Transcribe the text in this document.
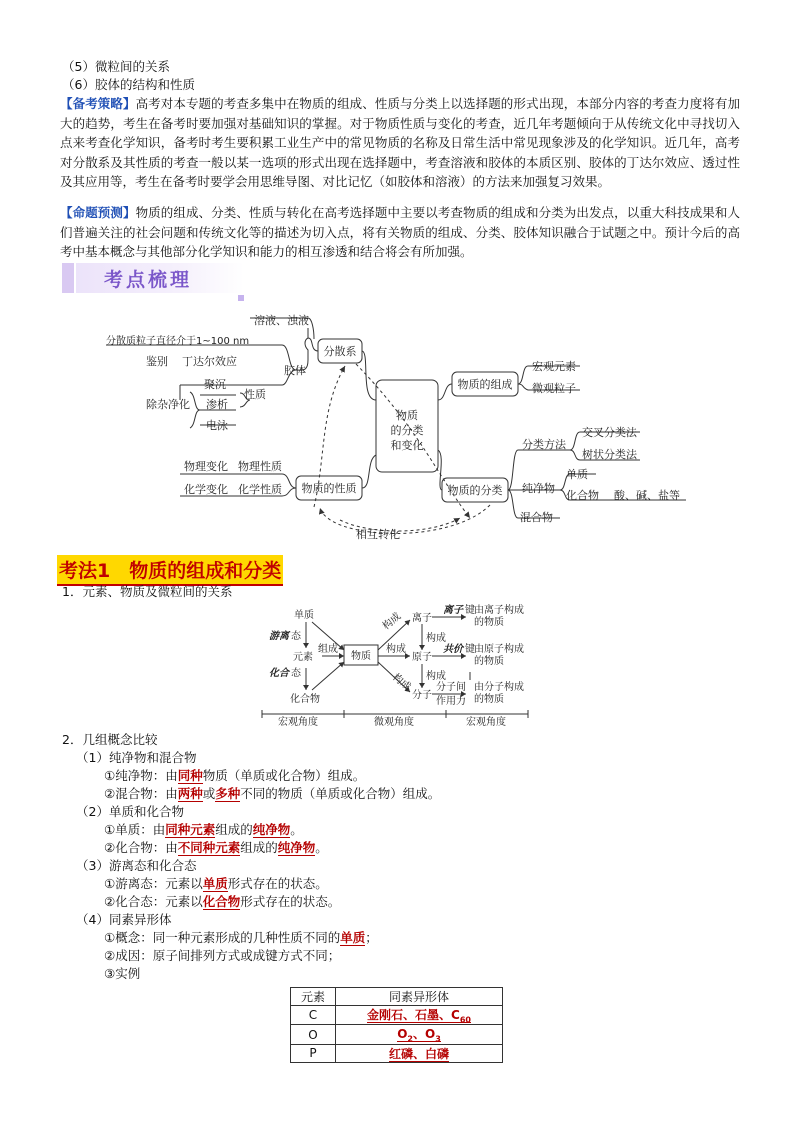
（5）微粒间的关系

（6）胶体的结构和性质

【备考策略】高考对本专题的考查多集中在物质的组成、性质与分类上以选择题的形式出现，本部分内容的考查力度将有加大的趋势，考生在备考时要加强对基础知识的掌握。对于物质性质与变化的考查，近几年考题倾向于从传统文化中寻找切入点来考查化学知识，备考时考生要积累工业生产中的常见物质的名称及日常生活中常见现象涉及的化学知识。近几年，高考对分散系及其性质的考查一般以某一选项的形式出现在选择题中，考查溶液和胶体的本质区别、胶体的丁达尔效应、透过性及其应用等，考生在备考时要学会用思维导图、对比记忆（如胶体和溶液）的方法来加强复习效果。

【命题预测】物质的组成、分类、性质与转化在高考选择题中主要以考查物质的组成和分类为出发点，以重大科技成果和人们普遍关注的社会问题和传统文化等的描述为切入点，将有关物质的组成、分类、胶体知识融合于试题之中。预计今后的高考中基本概念与其他部分化学知识和能力的相互渗透和结合将会有所加强。

考点梳理
物质
的分类
和变化
分散系
溶液、浊液
胶体
分散质粒子直径介于1~100 nm
鉴别 丁达尔效应
性质
聚沉
除杂净化 渗析
电泳
物质的组成
宏观元素
微观粒子
分类方法
交叉分类法
树状分类法
物质的分类 纯净物
单质
化合物 酸、碱、盐等
混合物
物理变化 物理性质
化学变化 化学性质 物质的性质
相互转化
考法1　物质的组成和分类

1．元素、物质及微粒间的关系

单质
游离 态
元素
化合 态
化合物
组成
物质
构成
构成
构成
离子
原子
分子
构成
构成
离子 键
共价 键
由离子构成
的物质
由原子构成
的物质
分子间
作用力
由分子构成
的物质
宏观角度	微观角度	宏观角度

2．几组概念比较

（1）纯净物和混合物

①纯净物：由同种物质（单质或化合物）组成。

②混合物：由两种或多种不同的物质（单质或化合物）组成。

（2）单质和化合物

①单质：由同种元素组成的纯净物。

②化合物：由不同种元素组成的纯净物。

（3）游离态和化合态

①游离态：元素以单质形式存在的状态。

②化合态：元素以化合物形式存在的状态。

（4）同素异形体

①概念：同一种元素形成的几种性质不同的单质；

②成因：原子间排列方式或成键方式不同；

③实例

元素	同素异形体
C	金刚石、石墨、$C_{60}$
O	$O_2$、$O_3$
P	红磷、白磷
